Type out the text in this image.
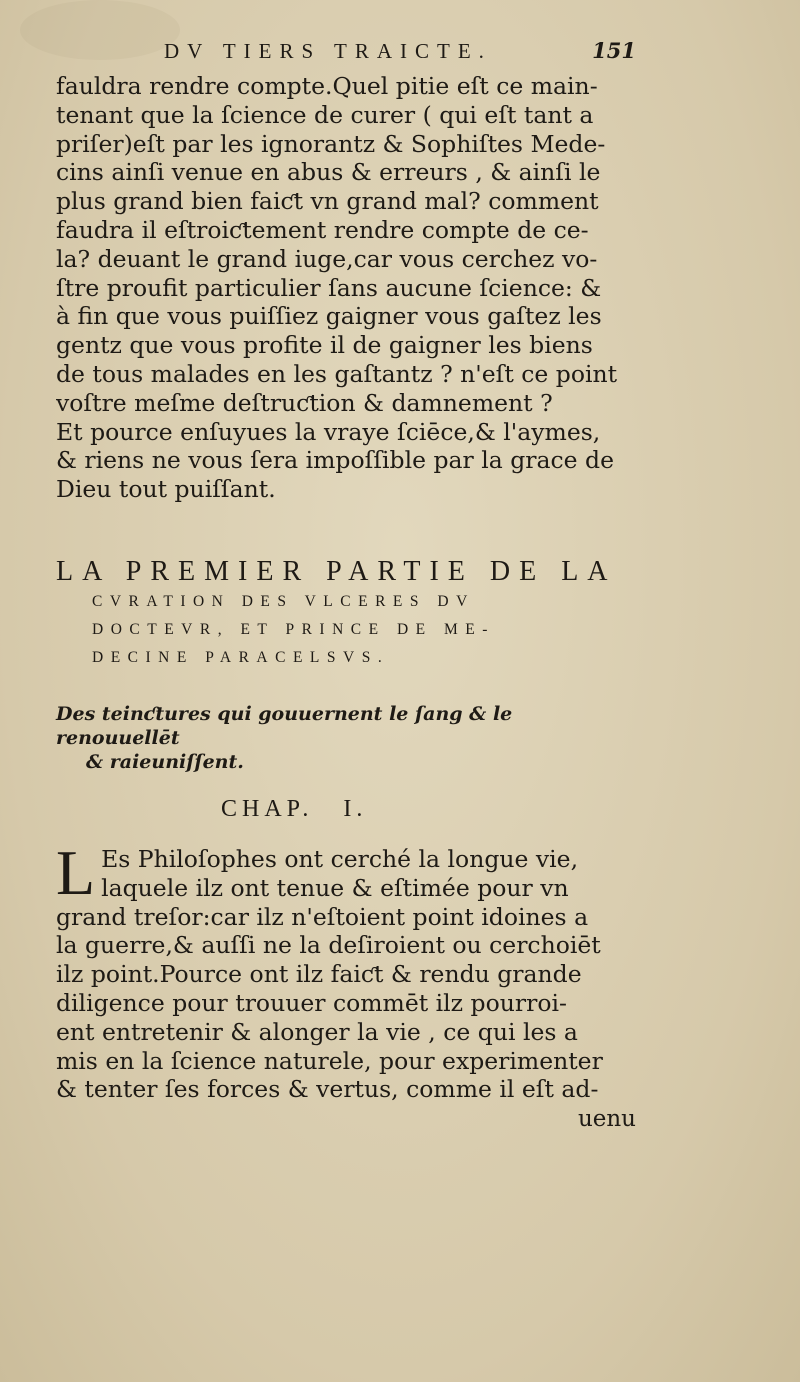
DV TIERS TRAICTE.	151
fauldra rendre compte.Quel pitie eſt ce main-
tenant que la ſcience de curer ( qui eſt tant a
priſer)eſt par les ignorantz & Sophiſtes Mede-
cins ainſi venue en abus & erreurs , & ainſi le
plus grand bien faiƈt vn grand mal? comment
faudra il eſtroiƈtement rendre compte de ce-
la? deuant le grand iuge,car vous cerchez vo-
ſtre proufit particulier ſans aucune ſcience: &
à fin que vous puiſſiez gaigner vous gaſtez les
gentz que vous profite il de gaigner les biens
de tous malades en les gaſtantz ? n'eſt ce point
voſtre meſme deſtruƈtion & damnement ?
Et pource enſuyues la vraye ſciēce,& l'aymes,
& riens ne vous ſera impoſſible par la grace de
Dieu tout puiſſant.
LA PREMIER PARTIE DE LA
CVRATION DES VLCERES DV
DOCTEVR, ET PRINCE DE ME-
DECINE PARACELSVS.
Des teinƈtures qui gouuernent le ſang & le renouuellēt
& raieuniſſent.
CHAP. I.
L Es Philoſophes ont cerché la longue vie,
laquele ilz ont tenue & eſtimée pour vn
grand treſor:car ilz n'eſtoient point idoines a
la guerre,& auſſi ne la deſiroient ou cerchoiēt
ilz point.Pource ont ilz faiƈt & rendu grande
diligence pour trouuer commēt ilz pourroi-
ent entretenir & alonger la vie , ce qui les a
mis en la ſcience naturele, pour experimenter
& tenter ſes forces & vertus, comme il eſt ad-
uenu
